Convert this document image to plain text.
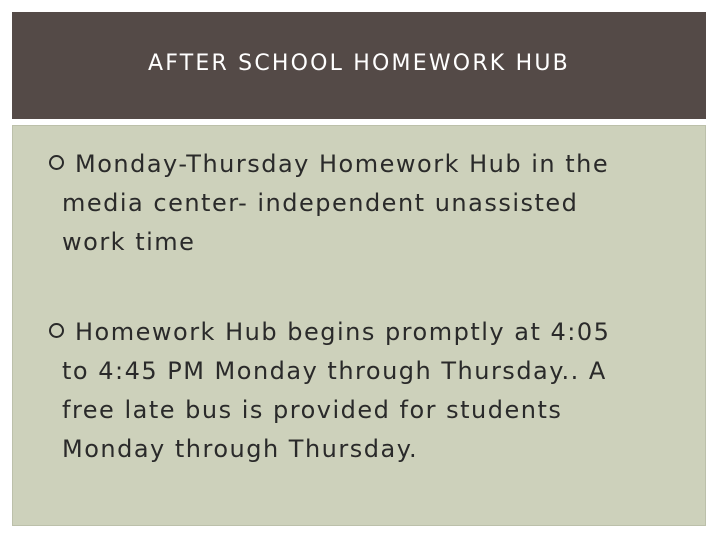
AFTER SCHOOL HOMEWORK HUB
Monday-Thursday Homework Hub in the
media center- independent unassisted
work time
Homework Hub begins promptly at 4:05
to 4:45 PM Monday through Thursday.. A
free late bus is provided for students
Monday through Thursday.
